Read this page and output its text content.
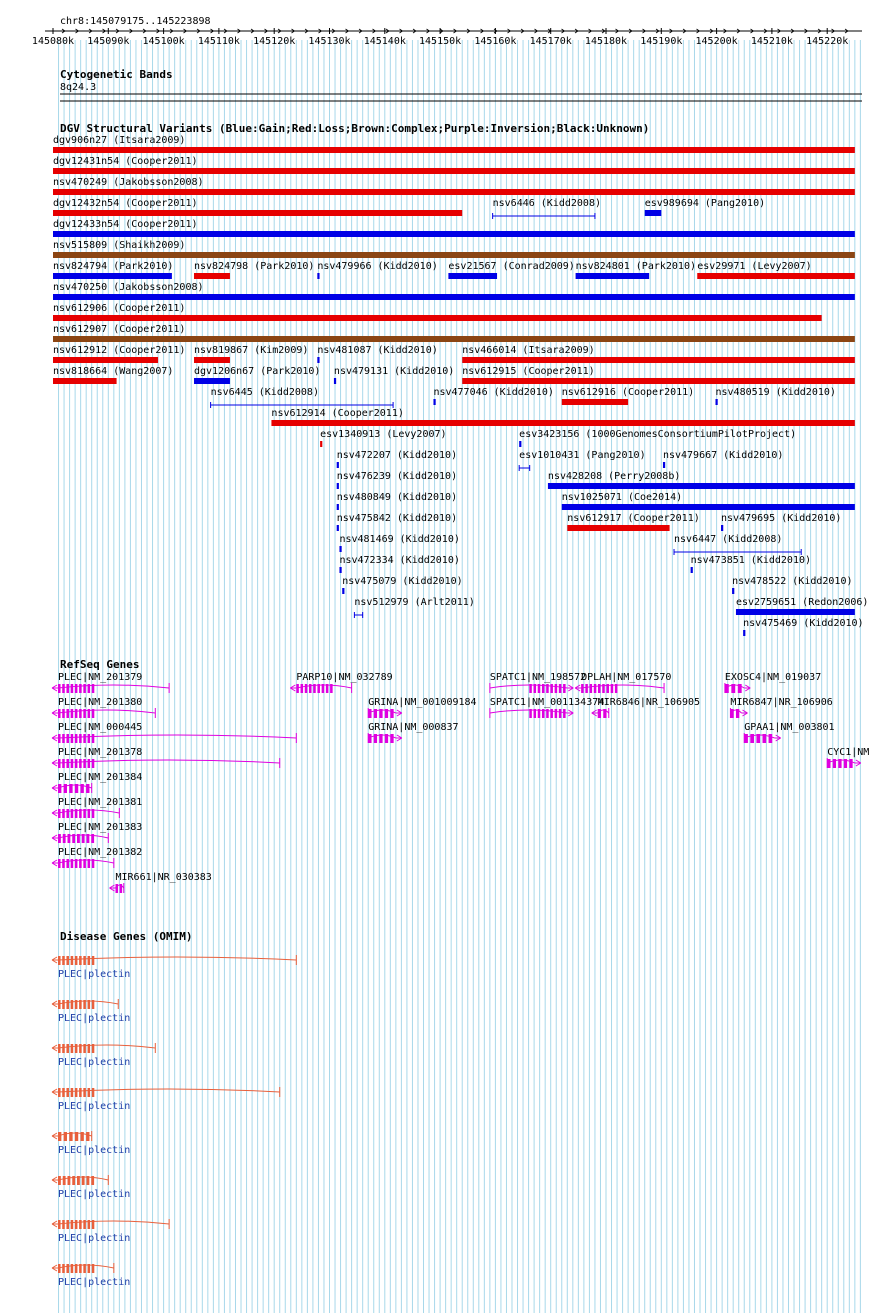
chr8:145079175..145223898
145080k 145090k 145100k 145110k 145120k 145130k 145140k 145150k 145160k 145170k 145180k 145190k 145200k 145210k 145220k
Cytogenetic Bands
8q24.3
DGV Structural Variants (Blue:Gain;Red:Loss;Brown:Complex;Purple:Inversion;Black:Unknown)
dgv906n27 (Itsara2009)
dgv12431n54 (Cooper2011)
nsv470249 (Jakobsson2008)
dgv12432n54 (Cooper2011)	nsv6446 (Kidd2008)	esv989694 (Pang2010)
dgv12433n54 (Cooper2011)
nsv515809 (Shaikh2009)
nsv824794 (Park2010) nsv824798 (Park2010) nsv479966 (Kidd2010) esv21567 (Conrad2009) nsv824801 (Park2010) esv29971 (Levy2007)
nsv470250 (Jakobsson2008)
nsv612906 (Cooper2011)
nsv612907 (Cooper2011)
nsv612912 (Cooper2011) nsv819867 (Kim2009) nsv481087 (Kidd2010) nsv466014 (Itsara2009)
nsv818664 (Wang2007) dgv1206n67 (Park2010) nsv479131 (Kidd2010) nsv612915 (Cooper2011)
nsv6445 (Kidd2008)	nsv477046 (Kidd2010) nsv612916 (Cooper2011) nsv480519 (Kidd2010)
nsv612914 (Cooper2011)
esv1340913 (Levy2007)	esv3423156 (1000GenomesConsortiumPilotProject)
nsv472207 (Kidd2010)	esv1010431 (Pang2010) nsv479667 (Kidd2010)
nsv476239 (Kidd2010)	nsv428208 (Perry2008b)
nsv480849 (Kidd2010)	nsv1025071 (Coe2014)
nsv475842 (Kidd2010)	nsv612917 (Cooper2011) nsv479695 (Kidd2010)
nsv481469 (Kidd2010)	nsv6447 (Kidd2008)
nsv472334 (Kidd2010)	nsv473851 (Kidd2010)
nsv475079 (Kidd2010)	nsv478522 (Kidd2010)
nsv512979 (Arlt2011)	esv2759651 (Redon2006)
nsv475469 (Kidd2010)
RefSeq Genes
PLEC|NM_201379
PLEC|NM_201380
PLEC|NM_000445
PLEC|NM_201378
PLEC|NM_201384
PLEC|NM_201381
PLEC|NM_201383
PLEC|NM_201382
MIR661|NR_030383
PARP10|NM_032789
GRINA|NM_001009184
GRINA|NM_000837
SPATC1|NM_198572
SPATC1|NM_001134374
OPLAH|NM_017570
MIR6846|NR_106905
EXOSC4|NM_019037
MIR6847|NR_106906
GPAA1|NM_003801
CYC1|NM
Disease Genes (OMIM)
PLEC|plectin
PLEC|plectin
PLEC|plectin
PLEC|plectin
PLEC|plectin
PLEC|plectin
PLEC|plectin
PLEC|plectin
